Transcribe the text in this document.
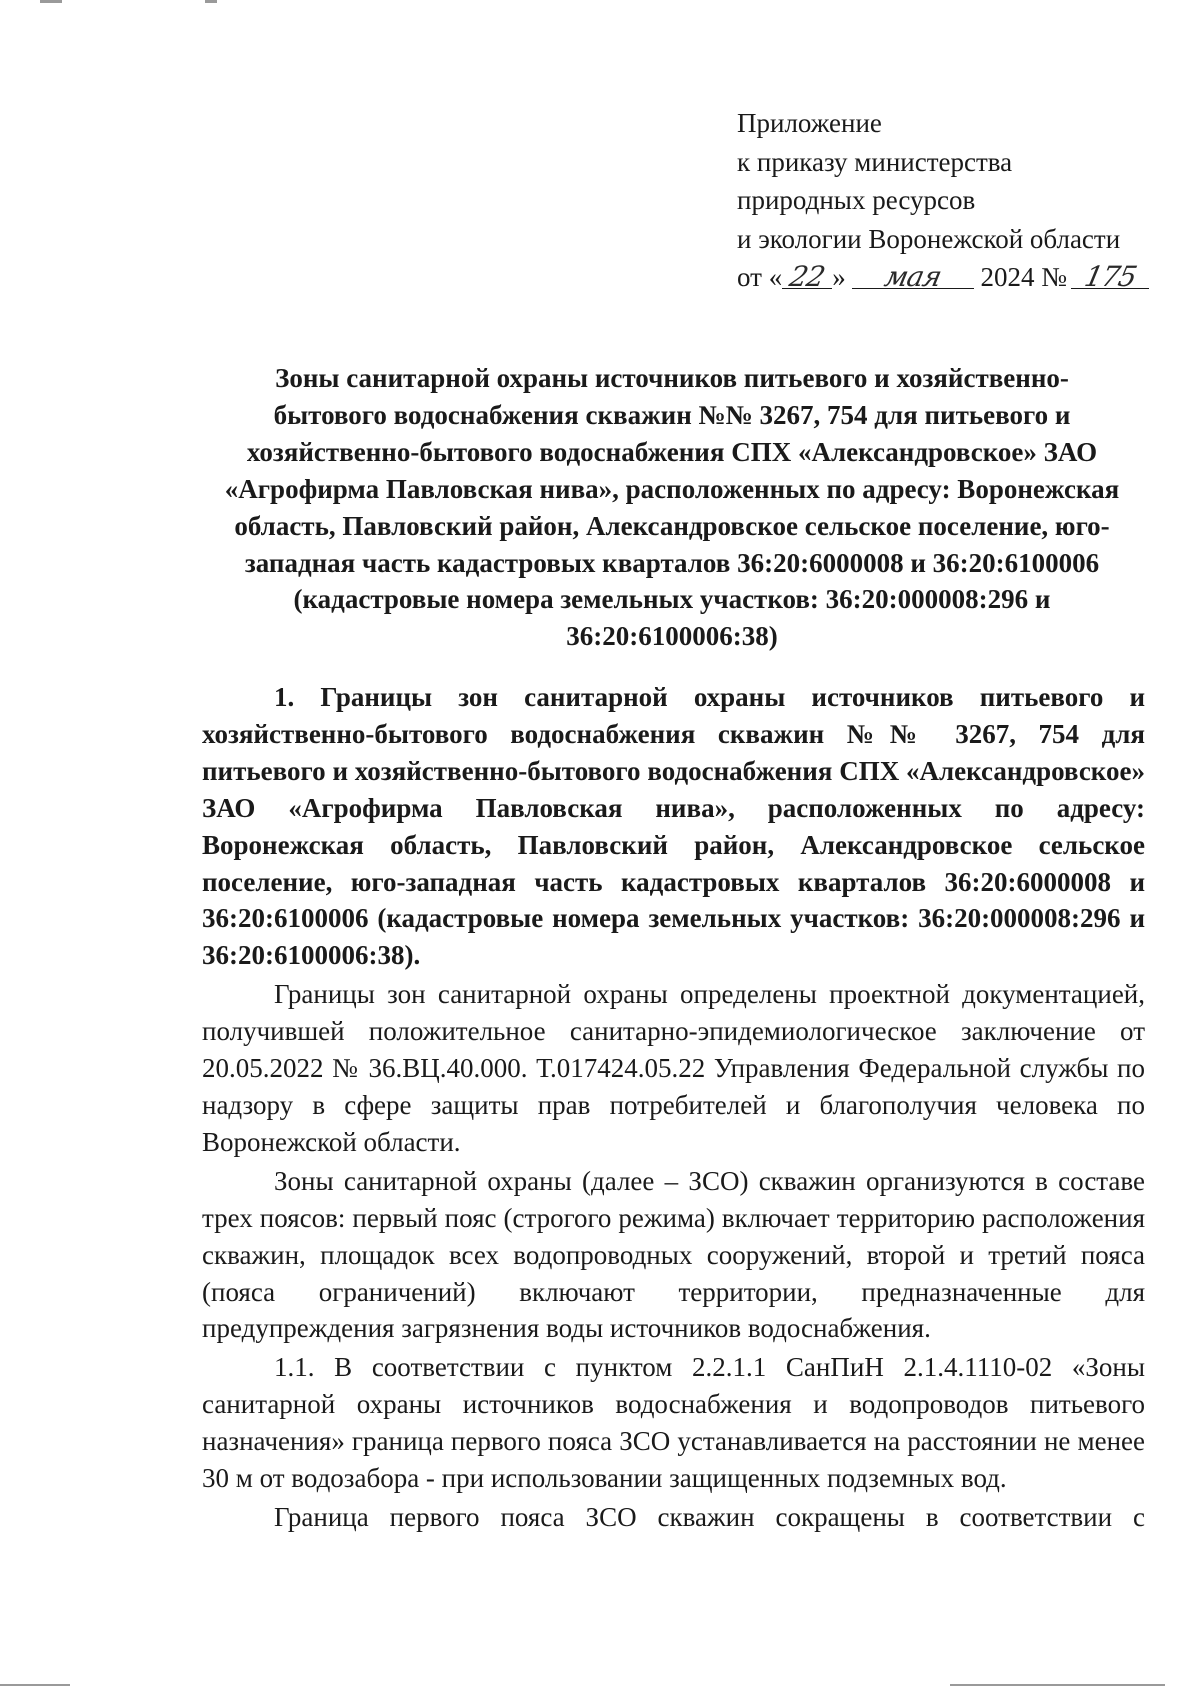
Приложение
к приказу министерства
природных ресурсов
и экологии Воронежской области
от « 22 » мая 2024 № 175
Зоны санитарной охраны источников питьевого и хозяйственно-
бытового водоснабжения скважин №№ 3267, 754 для питьевого и
хозяйственно-бытового водоснабжения СПХ «Александровское» ЗАО
«Агрофирма Павловская нива», расположенных по адресу: Воронежская
область, Павловский район, Александровское сельское поселение, юго-
западная часть кадастровых кварталов 36:20:6000008 и 36:20:6100006
(кадастровые номера земельных участков: 36:20:000008:296 и
36:20:6100006:38)

1. Границы зон санитарной охраны источников питьевого и хозяйственно-бытового водоснабжения скважин №№ 3267, 754 для питьевого и хозяйственно-бытового водоснабжения СПХ «Александровское» ЗАО «Агрофирма Павловская нива», расположенных по адресу: Воронежская область, Павловский район, Александровское сельское поселение, юго-западная часть кадастровых кварталов 36:20:6000008 и 36:20:6100006 (кадастровые номера земельных участков: 36:20:000008:296 и 36:20:6100006:38).

Границы зон санитарной охраны определены проектной документацией, получившей положительное санитарно-эпидемиологическое заключение от 20.05.2022 № 36.ВЦ.40.000. Т.017424.05.22 Управления Федеральной службы по надзору в сфере защиты прав потребителей и благополучия человека по Воронежской области.

Зоны санитарной охраны (далее – ЗСО) скважин организуются в составе трех поясов: первый пояс (строгого режима) включает территорию расположения скважин, площадок всех водопроводных сооружений, второй и третий пояса (пояса ограничений) включают территории, предназначенные для предупреждения загрязнения воды источников водоснабжения.

1.1. В соответствии с пунктом 2.2.1.1 СанПиН 2.1.4.1110-02 «Зоны санитарной охраны источников водоснабжения и водопроводов питьевого назначения» граница первого пояса ЗСО устанавливается на расстоянии не менее 30 м от водозабора - при использовании защищенных подземных вод.

Граница первого пояса ЗСО скважин сокращены в соответствии с
